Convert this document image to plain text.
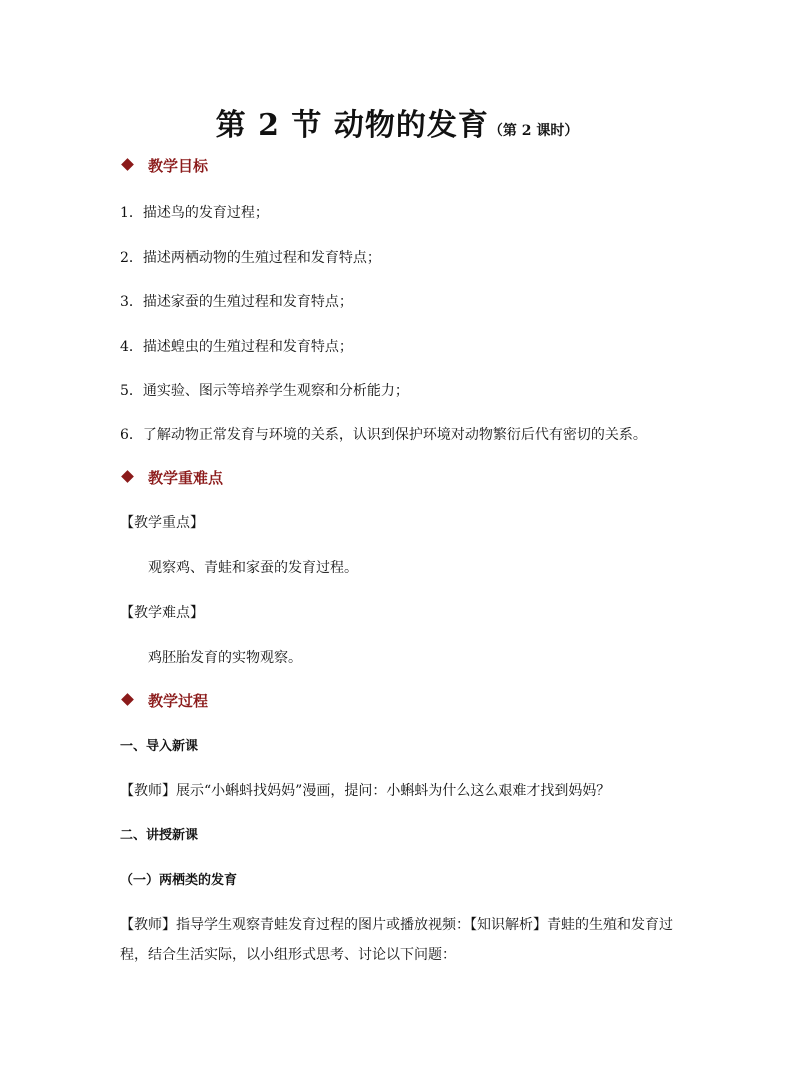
第 2 节 动物的发育（第 2 课时）
教学目标
1．描述鸟的发育过程；
2．描述两栖动物的生殖过程和发育特点；
3．描述家蚕的生殖过程和发育特点；
4．描述蝗虫的生殖过程和发育特点；
5．通实验、图示等培养学生观察和分析能力；
6．了解动物正常发育与环境的关系，认识到保护环境对动物繁衍后代有密切的关系。
教学重难点
【教学重点】
观察鸡、青蛙和家蚕的发育过程。
【教学难点】
鸡胚胎发育的实物观察。
教学过程
一、导入新课
【教师】展示“小蝌蚪找妈妈”漫画，提问：小蝌蚪为什么这么艰难才找到妈妈？
二、讲授新课
（一）两栖类的发育
【教师】指导学生观察青蛙发育过程的图片或播放视频：【知识解析】青蛙的生殖和发育过
程，结合生活实际，以小组形式思考、讨论以下问题：
